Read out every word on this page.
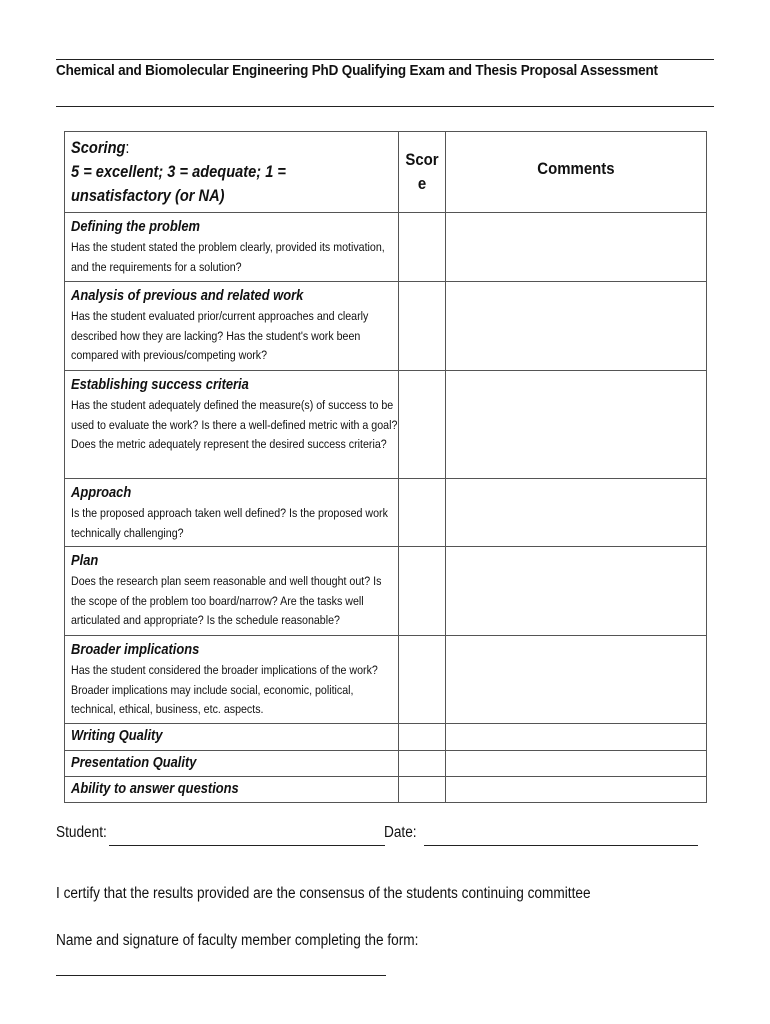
Chemical and Biomolecular Engineering PhD Qualifying Exam and Thesis Proposal Assessment
Scoring:
5 = excellent; 3 = adequate; 1 = unsatisfactory (or NA)	Score	Comments

Defining the problem
Has the student stated the problem clearly, provided its motivation, and the requirements for a solution?		

Analysis of previous and related work
Has the student evaluated prior/current approaches and clearly described how they are lacking? Has the student's work been compared with previous/competing work?		

Establishing success criteria
Has the student adequately defined the measure(s) of success to be used to evaluate the work? Is there a well-defined metric with a goal? Does the metric adequately represent the desired success criteria?		

Approach
Is the proposed approach taken well defined? Is the proposed work technically challenging?		

Plan
Does the research plan seem reasonable and well thought out? Is the scope of the problem too board/narrow? Are the tasks well articulated and appropriate? Is the schedule reasonable?		

Broader implications
Has the student considered the broader implications of the work? Broader implications may include social, economic, political, technical, ethical, business, etc. aspects.		

Writing Quality		

Presentation Quality		

Ability to answer questions		

Student:	Date:
I certify that the results provided are the consensus of the students continuing committee
Name and signature of faculty member completing the form:
